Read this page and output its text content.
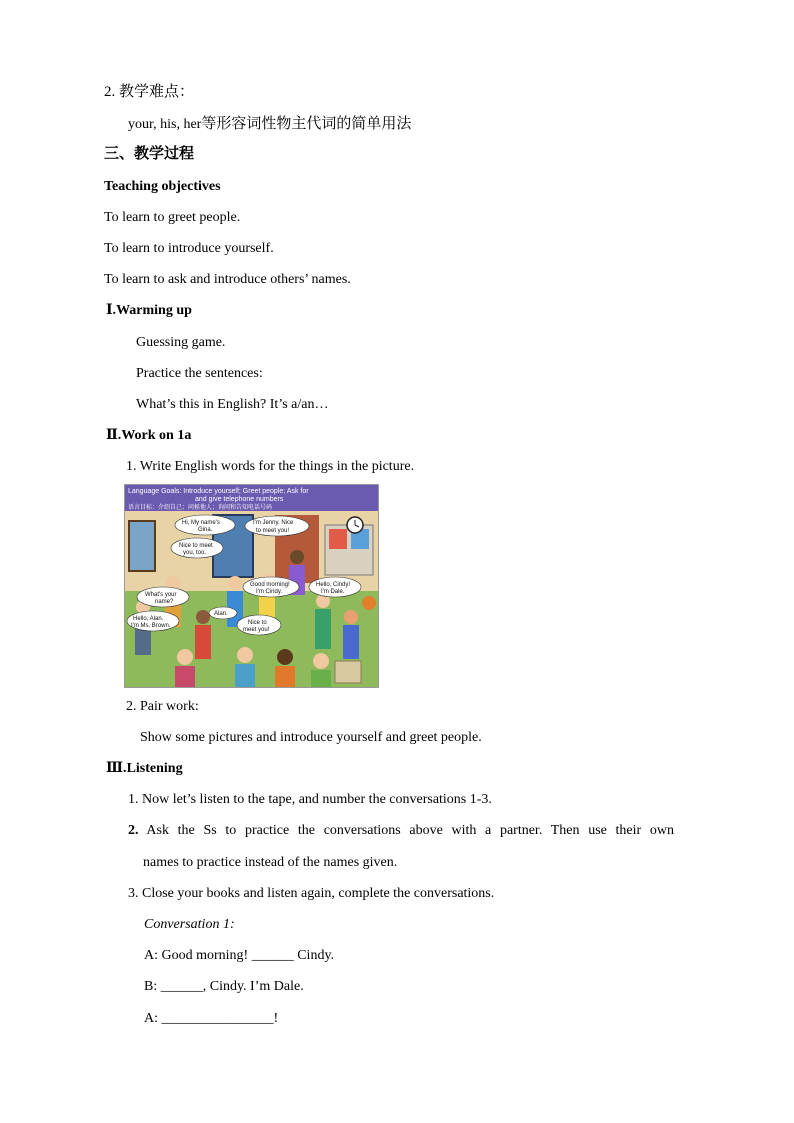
2. 教学难点：
your, his, her等形容词性物主代词的简单用法
三、教学过程
Teaching objectives
To learn to greet people.
To learn to introduce yourself.
To learn to ask and introduce others’ names.
Ⅰ.Warming up
Guessing game.
Practice the sentences:
What’s this in English? It’s a/an…
Ⅱ.Work on 1a
1. Write English words for the things in the picture.
Language Goals: Introduce yourself; Greet people; Ask for
and give telephone numbers
语言目标：介绍自己；问候他人；询问和告知电话号码
Hi, My name's
Gina.
Nice to meet
you, too.
I'm Jenny. Nice
to meet you!
Good morning!
I'm Cindy.
Hello, Cindy!
I'm Dale.
What's your
name?
Alan.
Hello, Alan.
I'm Ms. Brown.	Nice to
meet you!
2. Pair work:
Show some pictures and introduce yourself and greet people.
Ⅲ.Listening
1. Now let’s listen to the tape, and number the conversations 1-3.
2. Ask the Ss to practice the conversations above with a partner. Then use their own
names to practice instead of the names given.
3. Close your books and listen again, complete the conversations.
Conversation 1:
A: Good morning! ______ Cindy.
B: ______, Cindy. I’m Dale.
A: ________________!
